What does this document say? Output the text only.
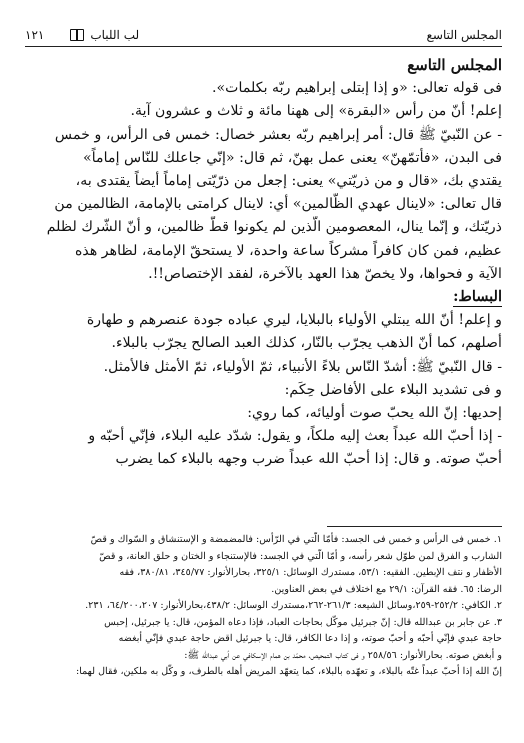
المجلس التاسع
لب اللباب
١٢١
المجلس التاسع
فى قوله تعالى: «و إذا إبتلى إبراهيم ربّه بكلمات».
إعلم! أنّ من رأس «البقرة» إلى ههنا مائة و ثلاث و عشرون آية.
- عن النّبيّ ﷺ قال: أمر إبراهيم ربّه بعشر خصال: خمس فى الرأس، و خمس
فى البدن، «فأتمّهنّ» يعنى عمل بهنّ، ثم قال: «إنّي جاعلك للنّاس إماماً»
يقتدي بك، «قال و من ذريّتي» يعنى: إجعل من ذرّيّتى إماماً أيضاً يقتدى به،
قال تعالى: «لاينال عهدي الظّالمين» أي: لاينال كرامتى بالإمامة، الظالمين من
ذريّتك، و إنّما ينال، المعصومين الّذين لم يكونوا قطّ ظالمين، و أنّ الشّرك لظلم
عظيم، فمن كان كافراً مشركاً ساعة واحدة، لا يستحقّ الإمامة، لظاهر هذه
الآية و فحواها، ولا يخصّ هذا العهد بالآخرة، لفقد الإختصاص!!.
البساط:
و إعلم! أنّ الله يبتلي الأولياء بالبلايا، ليري عباده جودة عنصرهم و طهارة
أصلهم، كما أنّ الذهب يجرّب بالنّار، كذلك العبد الصالح يجرّب بالبلاء.
- قال النّبيّ ﷺ: أشدّ النّاس بلاءً الأنبياء، ثمّ الأولياء، ثمّ الأمثل فالأمثل.
و فى تشديد البلاء على الأفاضل حِكَم:
إحديها: إنّ الله يحبّ صوت أوليائه، كما روي:
- إذا أحبّ الله عبداً بعث إليه ملكاً، و يقول: شدّد عليه البلاء، فإنّي أحبّه و
أحبّ صوته. و قال: إذا أحبّ الله عبداً ضرب وجهه بالبلاء كما يضرب
١. خمس فى الرأس و خمس فى الجسد: فأمّا الّتي في الرّأس: فالمضمضة و الإستنشاق و السّواك و قصّ
الشارب و الفرق لمن طوّل شعر رأسه، و أمّا الّتي في الجسد: فالإستنجاء و الختان و حلق العانة، و قصّ
الأظفار و نتف الإبطين. الفقيه: ٥٣/١، مستدرك الوسائل: ٣٢٥/١، بحارالأنوار: ٣٤٥/٧٧، ٣٨٠/٨١، فقه
الرضا: ٦٥. فقه القرآن: ٢٩/١ مع اختلاف في بعض العناوين.
٢. الكافي: ٢٥٢/٢-٢٥٩،وسائل الشيعه: ٢٦١/٣-٢٦٢،مستدرك الوسائل: ٤٣٨/٢،بحارالأنوار: ٦٤/٢٠٠،٢٠٧، ٢٣١.
٣. عن جابر بن عبدالله قال: إنّ جبرئيل موكّل بحاجات العباد، فإذا دعاه المؤمن، قال: يا جبرئيل، إحبس
حاجة عبدي فإنّي أحبّه و أحبّ صوته، و إذا دعا الكافر، قال: يا جبرئيل اقض حاجة عبدي فإنّي أبغضه
و أبغض صوته. بحارالأنوار: ٢٥٨/٥٦ و فى كتاب التمحيص، محمّد بن همام الإسكافي عن أبي عبدالله ﷺ:
إنّ الله إذا أحبّ عبداً غتّه بالبلاء، و تعهّده بالبلاء، كما يتعهّد المريض أهله بالطرف، و وكّل به ملكين، فقال لهما:
